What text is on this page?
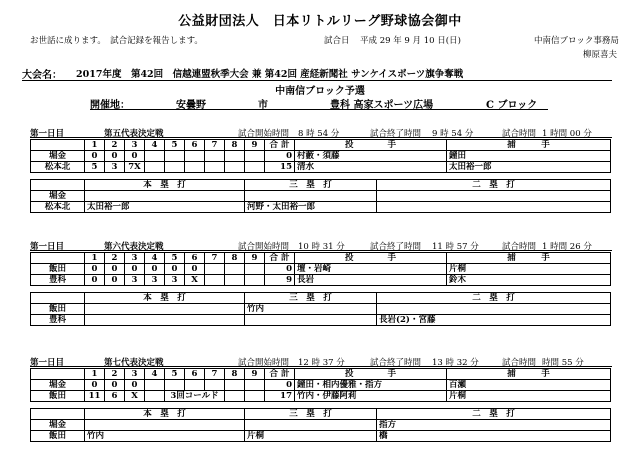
公益財団法人　日本リトルリーグ野球協会御中
お世話に成ります。　試合記録を報告します。	試合日 平成 29 年 9 月 10 日(日)	中南信ブロック事務局
柳原喜夫
大会名： 2017年度　第42回　信越連盟秋季大会 兼 第42回 産経新聞社 サンケイスポーツ旗争奪戦
中南信ブロック予選
開催地：	安曇野	市	豊科 高家スポーツ広場	C ブロック
第一日目	第五代表決定戦	試合開始時間 8 時 54 分	試合終了時間 9 時 54 分	試合時間 1 時間 00 分
	1	2	3	4	5	6	7	8	9	合 計	投　　　　手	捕　　　手
堀金	0	0	0							0	村藪・須藤	鐘田
松本北	5	3	7X							15	清水	太田裕一郎
	本　塁　打	三　塁　打	二　塁　打
堀金			
松本北	太田裕一郎	河野・太田裕一郎	
第一日目	第六代表決定戦	試合開始時間 10 時 31 分	試合終了時間 11 時 57 分	試合時間 1 時間 26 分
	1	2	3	4	5	6	7	8	9	合 計	投　　　　手	捕　　　手
飯田	0	0	0	0	0	0				0	壇・岩崎	片桐
豊科	0	0	3	3	3	X				9	長岩	鈴木
	本　塁　打	三　塁　打	二　塁　打
飯田		竹内	
豊科			長岩(2)・宮藤
第一日目	第七代表決定戦	試合開始時間 12 時 37 分	試合終了時間 13 時 32 分	試合時間 時間 55 分
	1	2	3	4	5	6	7	8	9	合 計	投　　　　手	捕　　　手
堀金	0	0	0							0	鐘田・相内優雅・指方	百瀬
飯田	11	6	X		3回コールド					17	竹内・伊藤阿莉	片桐
	本　塁　打	三　塁　打	二　塁　打
堀金			指方
飯田	竹内	片桐	橋
